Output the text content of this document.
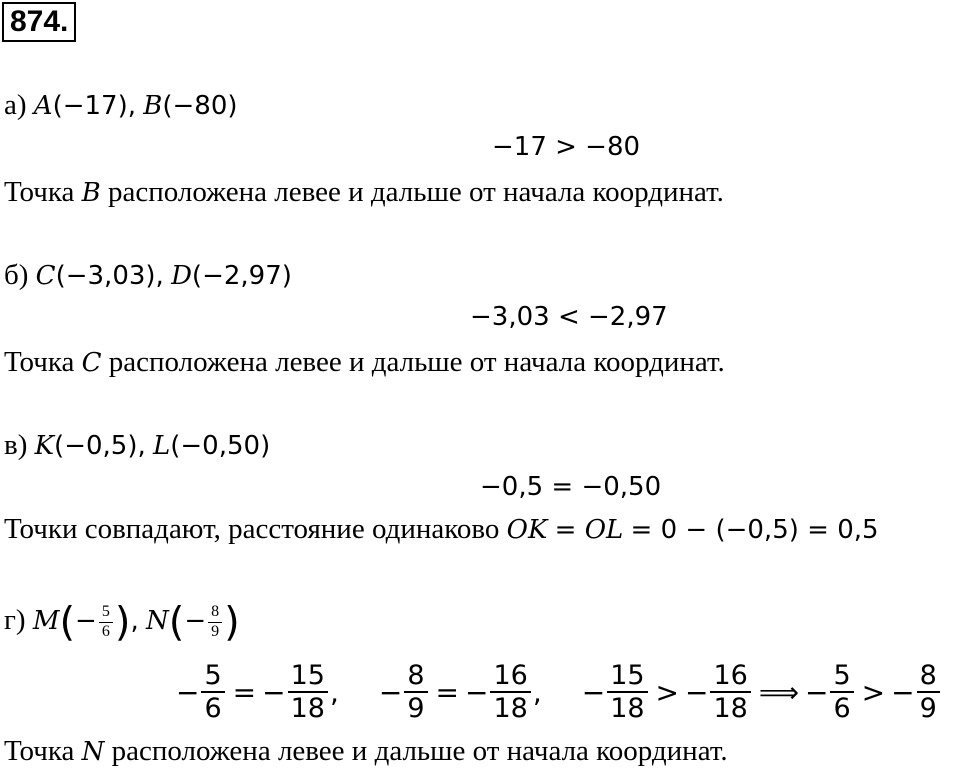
874.
а) A(−17), B(−80)
−17 > −80
Точка B расположена левее и дальше от начала координат.
б) C(−3,03), D(−2,97)
−3,03 < −2,97
Точка C расположена левее и дальше от начала координат.
в) K(−0,5), L(−0,50)
−0,5 = −0,50
Точки совпадают, расстояние одинаково OK = OL = 0 − (−0,5) = 0,5
г) $M(- \frac{5}{6}$ ), $N(- \frac{8}{9}$ )
− $\frac{5}{6}$ = − $\frac{15}{18}$ , − $\frac{8}{9}$ = − $\frac{16}{18}$ , − $\frac{15}{18}$ > − $\frac{16}{18}$ ⟹ − $\frac{5}{6}$ > − $\frac{8}{9}$
Точка N расположена левее и дальше от начала координат.
